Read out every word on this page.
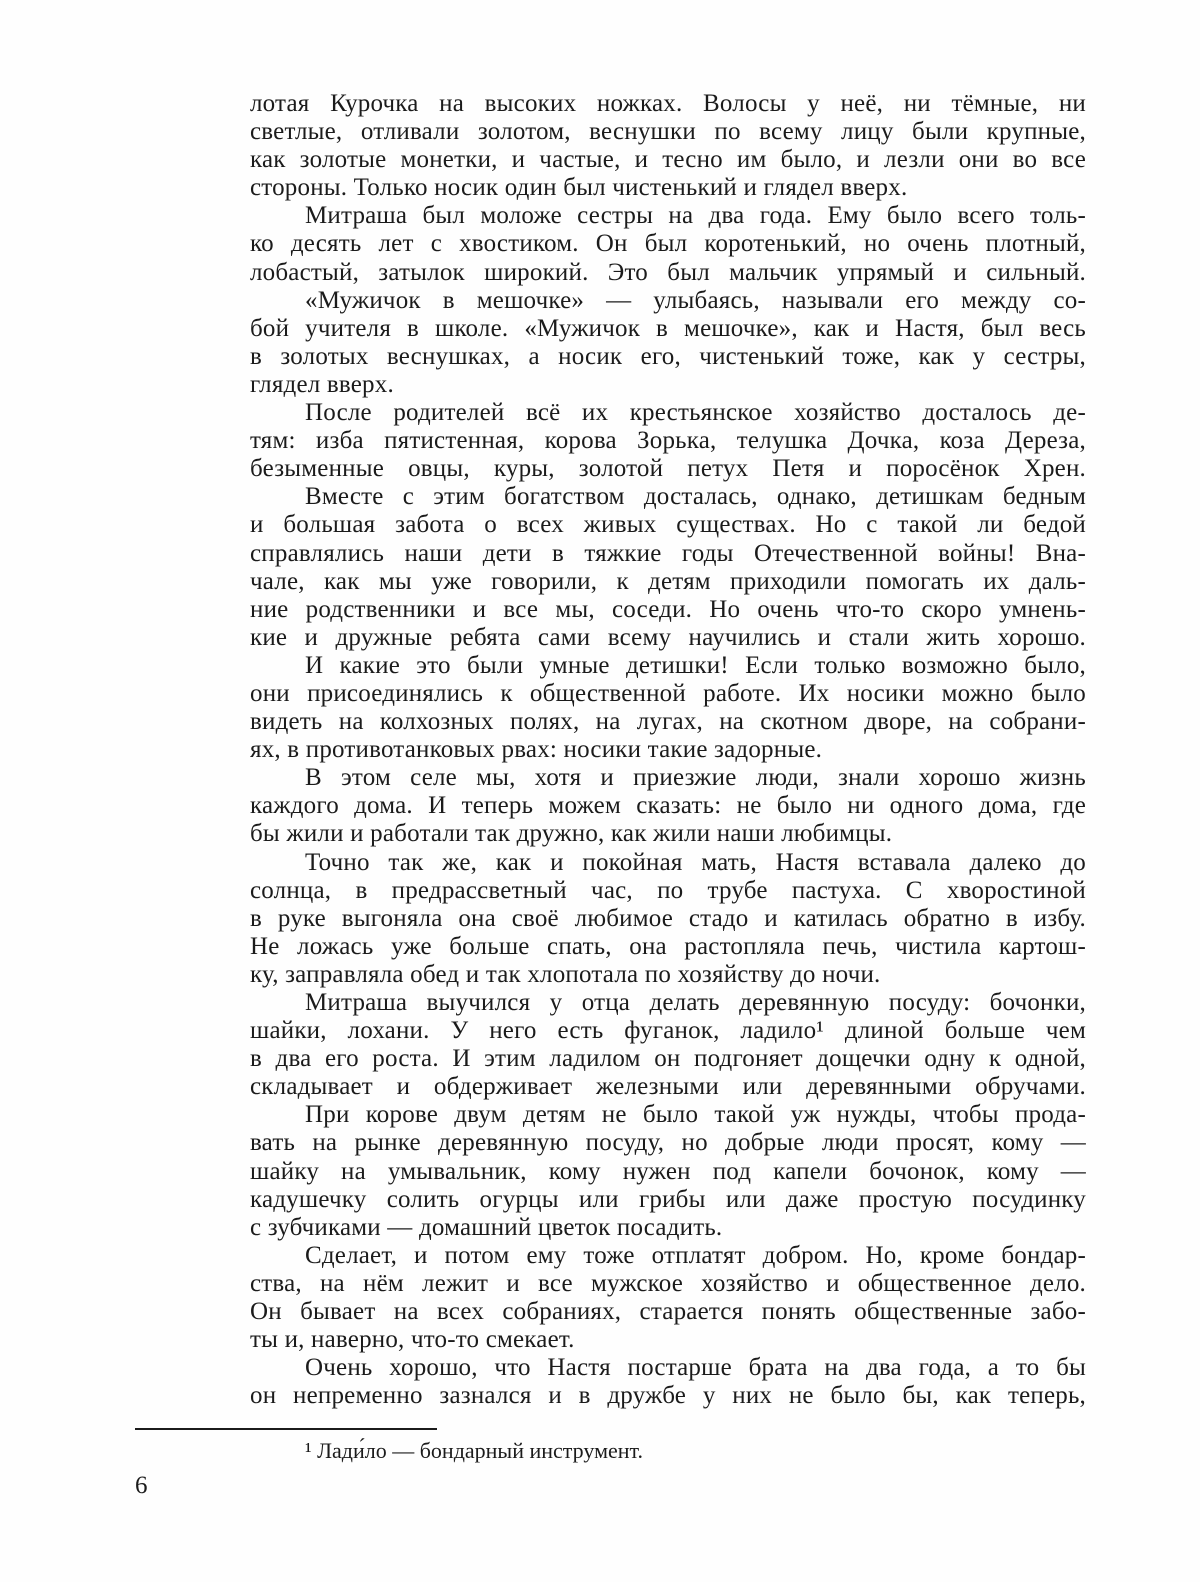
лотая Курочка на высоких ножках. Волосы у неё, ни тёмные, ни
светлые, отливали золотом, веснушки по всему лицу были крупные,
как золотые монетки, и частые, и тесно им было, и лезли они во все
стороны. Только носик один был чистенький и глядел вверх.
Митраша был моложе сестры на два года. Ему было всего толь-
ко десять лет с хвостиком. Он был коротенький, но очень плотный,
лобастый, затылок широкий. Это был мальчик упрямый и сильный.
«Мужичок в мешочке» — улыбаясь, называли его между со-
бой учителя в школе. «Мужичок в мешочке», как и Настя, был весь
в золотых веснушках, а носик его, чистенький тоже, как у сестры,
глядел вверх.
После родителей всё их крестьянское хозяйство досталось де-
тям: изба пятистенная, корова Зорька, телушка Дочка, коза Дереза,
безыменные овцы, куры, золотой петух Петя и поросёнок Хрен.
Вместе с этим богатством досталась, однако, детишкам бедным
и большая забота о всех живых существах. Но с такой ли бедой
справлялись наши дети в тяжкие годы Отечественной войны! Вна-
чале, как мы уже говорили, к детям приходили помогать их даль-
ние родственники и все мы, соседи. Но очень что-то скоро умнень-
кие и дружные ребята сами всему научились и стали жить хорошо.
И какие это были умные детишки! Если только возможно было,
они присоединялись к общественной работе. Их носики можно было
видеть на колхозных полях, на лугах, на скотном дворе, на собрани-
ях, в противотанковых рвах: носики такие задорные.
В этом селе мы, хотя и приезжие люди, знали хорошо жизнь
каждого дома. И теперь можем сказать: не было ни одного дома, где
бы жили и работали так дружно, как жили наши любимцы.
Точно так же, как и покойная мать, Настя вставала далеко до
солнца, в предрассветный час, по трубе пастуха. С хворостиной
в руке выгоняла она своё любимое стадо и катилась обратно в избу.
Не ложась уже больше спать, она растопляла печь, чистила картош-
ку, заправляла обед и так хлопотала по хозяйству до ночи.
Митраша выучился у отца делать деревянную посуду: бочонки,
шайки, лохани. У него есть фуганок, ладило¹ длиной больше чем
в два его роста. И этим ладилом он подгоняет дощечки одну к одной,
складывает и обдерживает железными или деревянными обручами.
При корове двум детям не было такой уж нужды, чтобы прода-
вать на рынке деревянную посуду, но добрые люди просят, кому —
шайку на умывальник, кому нужен под капели бочонок, кому —
кадушечку солить огурцы или грибы или даже простую посудинку
с зубчиками — домашний цветок посадить.
Сделает, и потом ему тоже отплатят добром. Но, кроме бондар-
ства, на нём лежит и все мужское хозяйство и общественное дело.
Он бывает на всех собраниях, старается понять общественные забо-
ты и, наверно, что-то смекает.
Очень хорошо, что Настя постарше брата на два года, а то бы
он непременно зазнался и в дружбе у них не было бы, как теперь,
¹ Лади́ло — бондарный инструмент.
6
